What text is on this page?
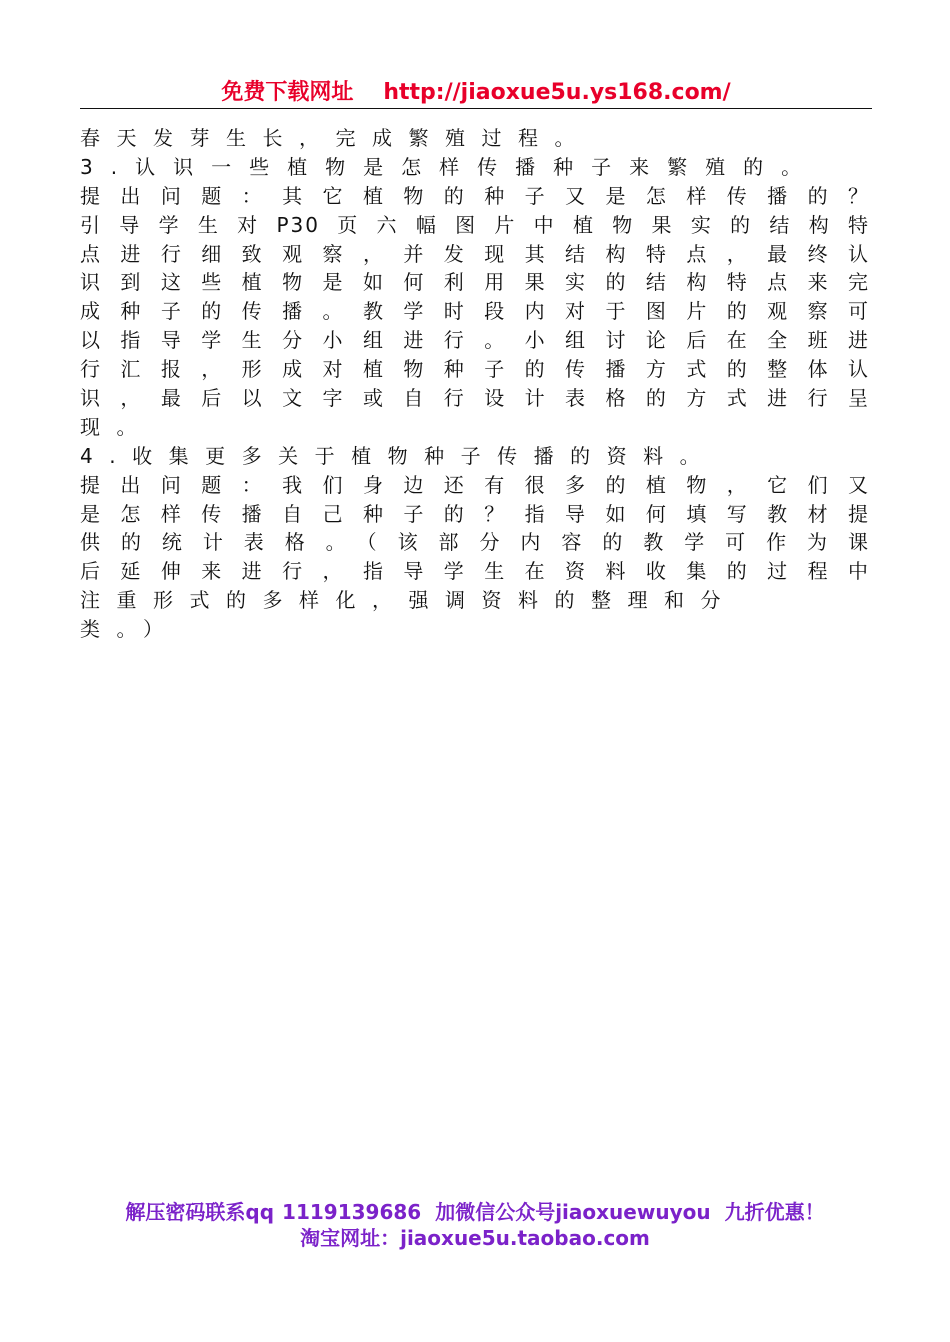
免费下载网址 http://jiaoxue5u.ys168.com/
春天发芽生长，完成繁殖过程。
3.认识一些植物是怎样传播种子来繁殖的。
提出问题：其它植物的种子又是怎样传播的？
引导学生对P30页六幅图片中植物果实的结构特
点进行细致观察，并发现其结构特点，最终认
识到这些植物是如何利用果实的结构特点来完
成种子的传播。教学时段内对于图片的观察可
以指导学生分小组进行。小组讨论后在全班进
行汇报，形成对植物种子的传播方式的整体认
识，最后以文字或自行设计表格的方式进行呈
现。
4.收集更多关于植物种子传播的资料。
提出问题：我们身边还有很多的植物，它们又
是怎样传播自己种子的？指导如何填写教材提
供的统计表格。（该部分内容的教学可作为课
后延伸来进行，指导学生在资料收集的过程中
注重形式的多样化，强调资料的整理和分
类。）
解压密码联系qq 1119139686 加微信公众号jiaoxuewuyou 九折优惠！
淘宝网址：jiaoxue5u.taobao.com
